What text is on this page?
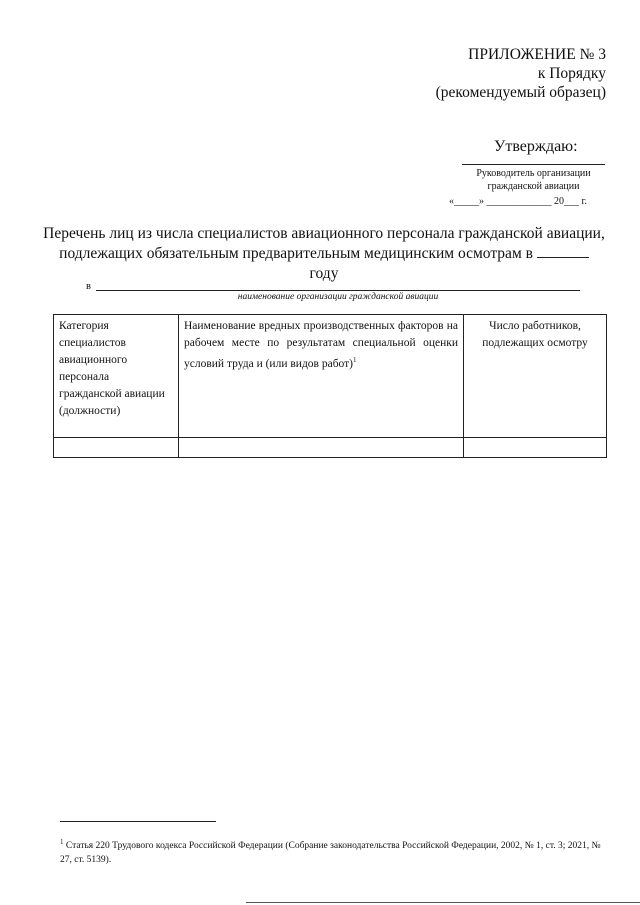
ПРИЛОЖЕНИЕ № 3
к Порядку
(рекомендуемый образец)
Утверждаю:
Руководитель организации
гражданской авиации
«_____» _____________ 20___ г.
Перечень лиц из числа специалистов авиационного персонала гражданской авиации,
подлежащих обязательным предварительным медицинским осмотрам в
году
в
наименование организации гражданской авиации
Категория специалистов авиационного персонала гражданской авиации (должности)	Наименование вредных производственных факторов на рабочем месте по результатам специальной оценки условий труда и (или видов работ)$^1$	Число работников, подлежащих осмотру

$^1$ Статья 220 Трудового кодекса Российской Федерации (Собрание законодательства Российской Федерации, 2002, № 1, ст. 3; 2021, № 27, ст. 5139).
